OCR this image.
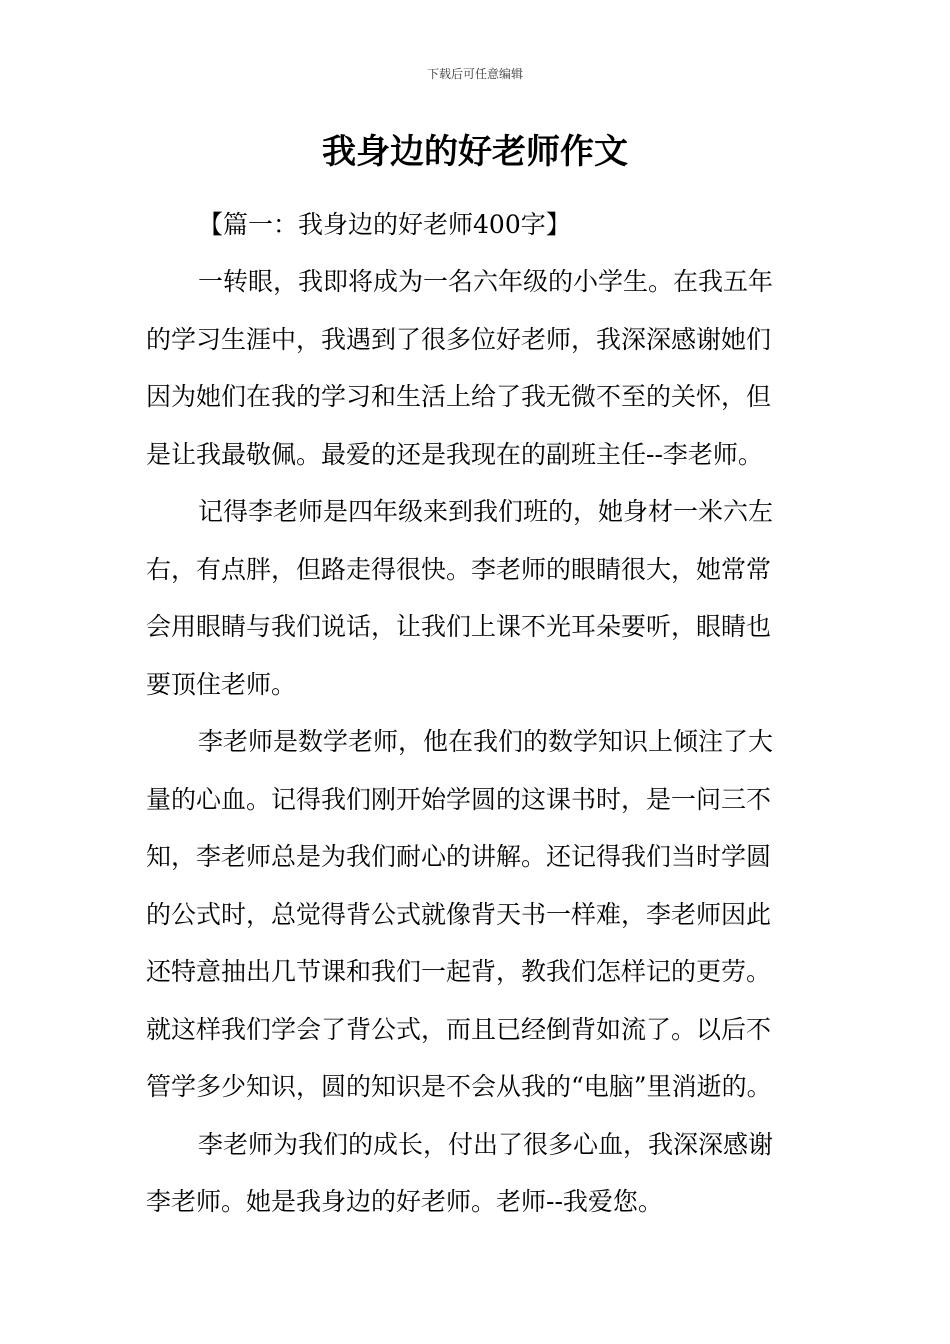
下载后可任意编辑
我身边的好老师作文

【篇一：我身边的好老师400字】

一转眼，我即将成为一名六年级的小学生。在我五年
的学习生涯中，我遇到了很多位好老师，我深深感谢她们
因为她们在我的学习和生活上给了我无微不至的关怀，但
是让我最敬佩。最爱的还是我现在的副班主任--李老师。

记得李老师是四年级来到我们班的，她身材一米六左
右，有点胖，但路走得很快。李老师的眼睛很大，她常常
会用眼睛与我们说话，让我们上课不光耳朵要听，眼睛也
要顶住老师。

李老师是数学老师，他在我们的数学知识上倾注了大
量的心血。记得我们刚开始学圆的这课书时，是一问三不
知，李老师总是为我们耐心的讲解。还记得我们当时学圆
的公式时，总觉得背公式就像背天书一样难，李老师因此
还特意抽出几节课和我们一起背，教我们怎样记的更劳。
就这样我们学会了背公式，而且已经倒背如流了。以后不
管学多少知识，圆的知识是不会从我的“电脑”里消逝的。

李老师为我们的成长，付出了很多心血，我深深感谢
李老师。她是我身边的好老师。老师--我爱您。
